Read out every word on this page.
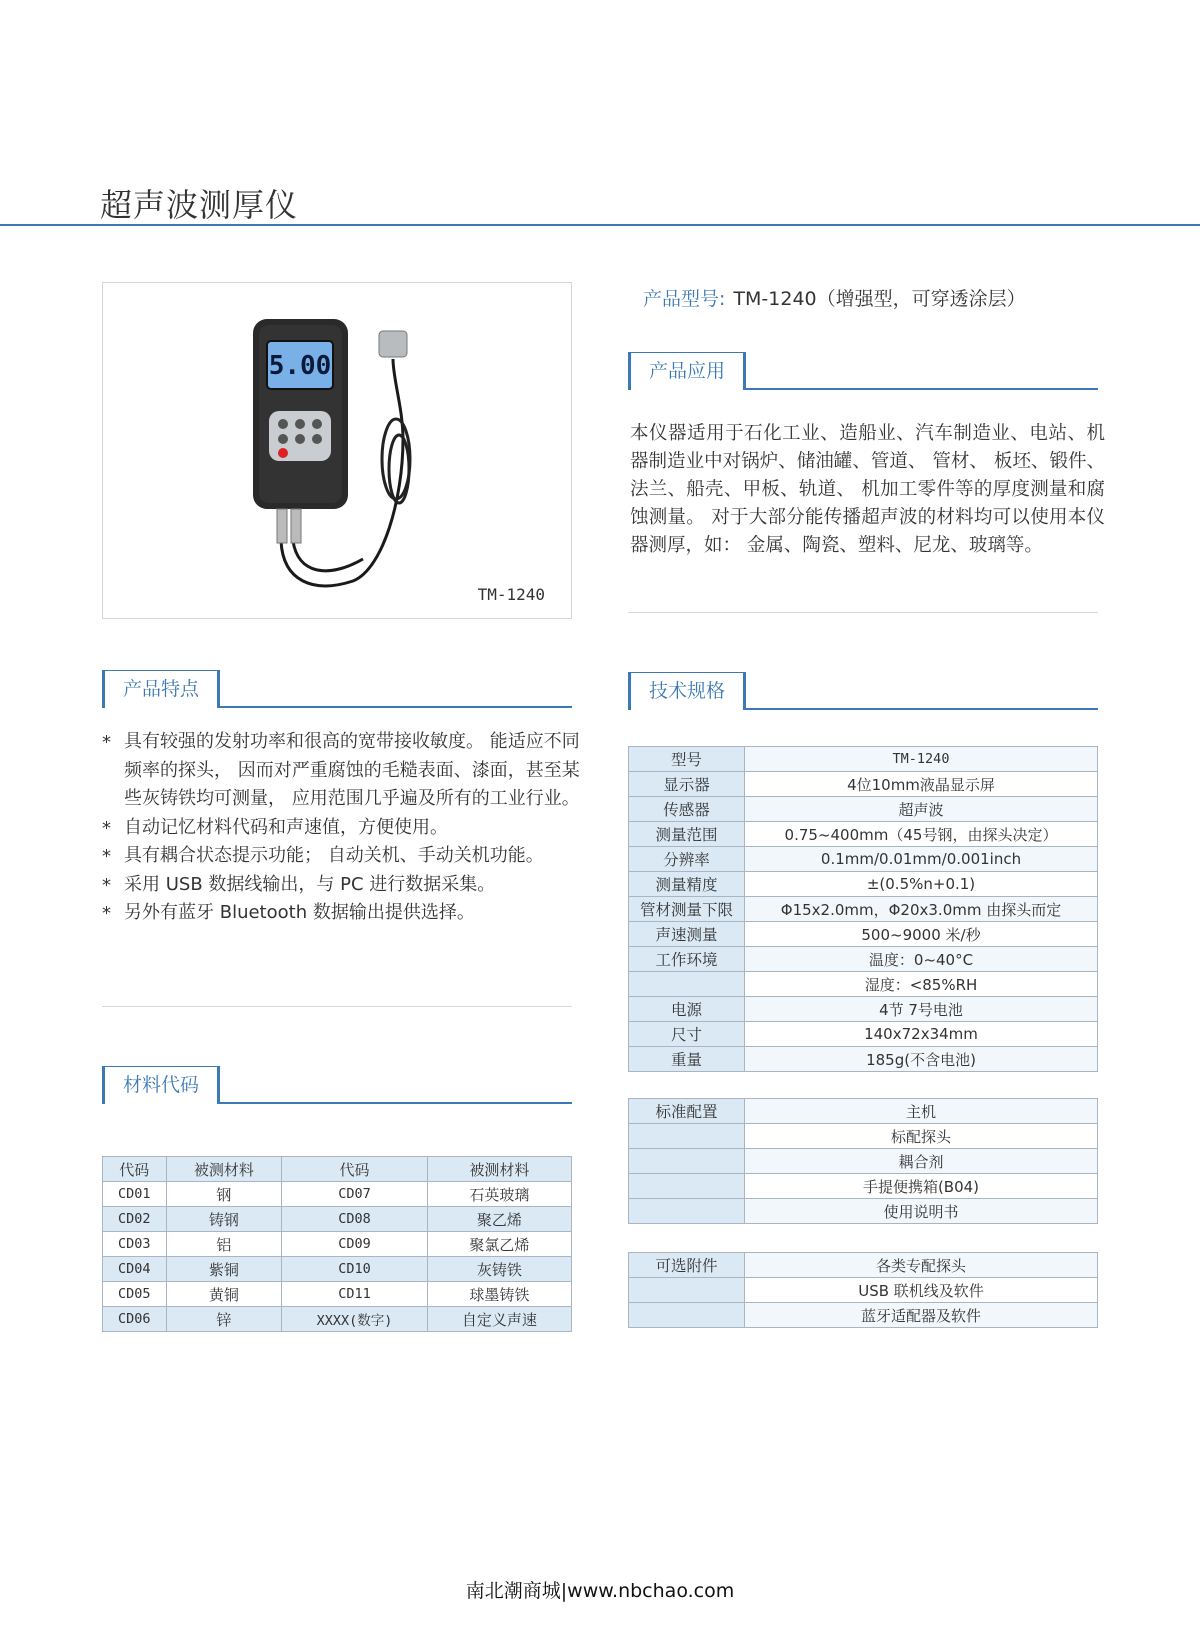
超声波测厚仪
5.00
TM-1240
产品型号: TM-1240（增强型，可穿透涂层）
产品应用
本仪器适用于石化工业、造船业、汽车制造业、电站、机器制造业中对锅炉、储油罐、管道、 管材、 板坯、锻件、法兰、船壳、甲板、轨道、 机加工零件等的厚度测量和腐蚀测量。 对于大部分能传播超声波的材料均可以使用本仪器测厚，如： 金属、陶瓷、塑料、尼龙、玻璃等。
产品特点
* 具有较强的发射功率和很高的宽带接收敏度。 能适应不同频率的探头， 因而对严重腐蚀的毛糙表面、漆面，甚至某些灰铸铁均可测量， 应用范围几乎遍及所有的工业行业。
* 自动记忆材料代码和声速值，方便使用。
* 具有耦合状态提示功能； 自动关机、手动关机功能。
* 采用 USB 数据线输出，与 PC 进行数据采集。
* 另外有蓝牙 Bluetooth 数据输出提供选择。
材料代码
代码	被测材料	代码	被测材料
CD01	钢	CD07	石英玻璃
CD02	铸钢	CD08	聚乙烯
CD03	铝	CD09	聚氯乙烯
CD04	紫铜	CD10	灰铸铁
CD05	黄铜	CD11	球墨铸铁
CD06	锌	XXXX(数字)	自定义声速
技术规格
型号	TM-1240
显示器	4位10mm液晶显示屏
传感器	超声波
测量范围	0.75~400mm（45号钢，由探头决定）
分辨率	0.1mm/0.01mm/0.001inch
测量精度	±(0.5%n+0.1)
管材测量下限	Φ15x2.0mm，Φ20x3.0mm 由探头而定
声速测量	500~9000 米/秒
工作环境	温度：0~40°C
	湿度：<85%RH
电源	4节 7号电池
尺寸	140x72x34mm
重量	185g(不含电池)
标准配置	主机
	标配探头
	耦合剂
	手提便携箱(B04)
	使用说明书
可选附件	各类专配探头
	USB 联机线及软件
	蓝牙适配器及软件
南北潮商城|www.nbchao.com
